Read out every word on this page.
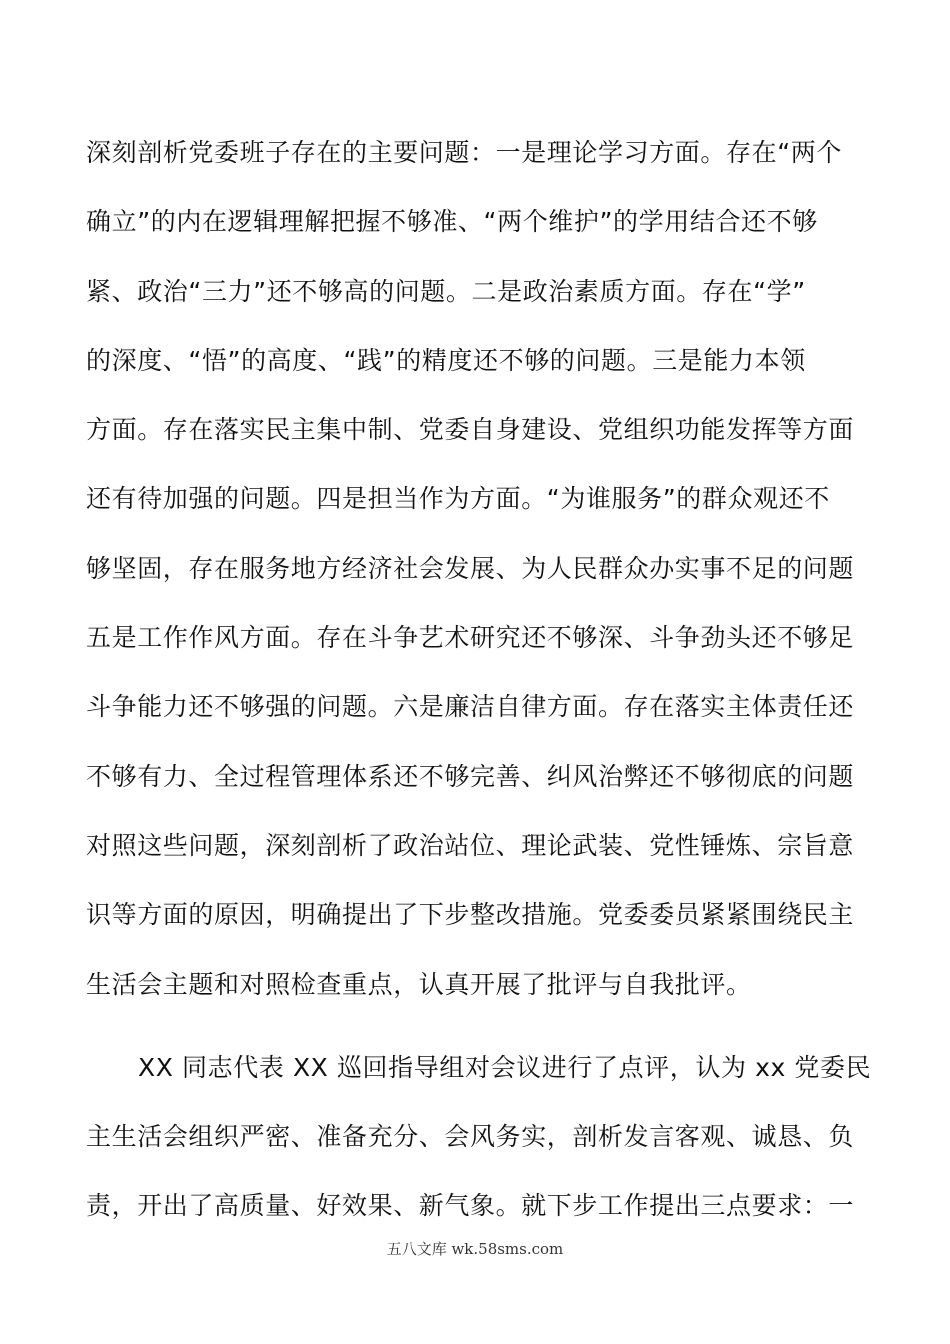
深刻剖析党委班子存在的主要问题：一是理论学习方面。存在“两个
确立”的内在逻辑理解把握不够准、“两个维护”的学用结合还不够
紧、政治“三力”还不够高的问题。二是政治素质方面。存在“学”
的深度、“悟”的高度、“践”的精度还不够的问题。三是能力本领
方面。存在落实民主集中制、党委自身建设、党组织功能发挥等方面
还有待加强的问题。四是担当作为方面。“为谁服务”的群众观还不
够坚固，存在服务地方经济社会发展、为人民群众办实事不足的问题
五是工作作风方面。存在斗争艺术研究还不够深、斗争劲头还不够足
斗争能力还不够强的问题。六是廉洁自律方面。存在落实主体责任还
不够有力、全过程管理体系还不够完善、纠风治弊还不够彻底的问题
对照这些问题，深刻剖析了政治站位、理论武装、党性锤炼、宗旨意
识等方面的原因，明确提出了下步整改措施。党委委员紧紧围绕民主
生活会主题和对照检查重点，认真开展了批评与自我批评。
XX 同志代表 XX 巡回指导组对会议进行了点评，认为 xx 党委民
主生活会组织严密、准备充分、会风务实，剖析发言客观、诚恳、负
责，开出了高质量、好效果、新气象。就下步工作提出三点要求：一
五八文库 wk.58sms.com
